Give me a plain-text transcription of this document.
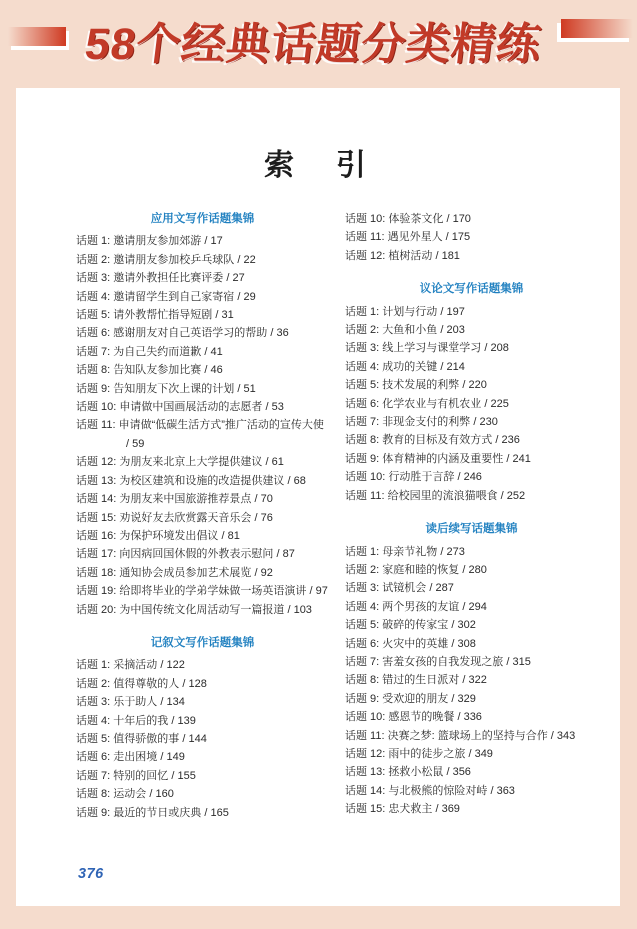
58个经典话题分类精练
索　引
应用文写作话题集锦
话题 1: 邀请朋友参加郊游 / 17
话题 2: 邀请朋友参加校乒乓球队 / 22
话题 3: 邀请外教担任比赛评委 / 27
话题 4: 邀请留学生到自己家寄宿 / 29
话题 5: 请外教帮忙指导短剧 / 31
话题 6: 感谢朋友对自己英语学习的帮助 / 36
话题 7: 为自己失约而道歉 / 41
话题 8: 告知队友参加比赛 / 46
话题 9: 告知朋友下次上课的计划 / 51
话题 10: 申请做中国画展活动的志愿者 / 53
话题 11: 申请做“低碳生活方式”推广活动的宣传大使 / 59
话题 12: 为朋友来北京上大学提供建议 / 61
话题 13: 为校区建筑和设施的改造提供建议 / 68
话题 14: 为朋友来中国旅游推荐景点 / 70
话题 15: 劝说好友去欣赏露天音乐会 / 76
话题 16: 为保护环境发出倡议 / 81
话题 17: 向因病回国休假的外教表示慰问 / 87
话题 18: 通知协会成员参加艺术展览 / 92
话题 19: 给即将毕业的学弟学妹做一场英语演讲 / 97
话题 20: 为中国传统文化周活动写一篇报道 / 103
记叙文写作话题集锦
话题 1: 采摘活动 / 122
话题 2: 值得尊敬的人 / 128
话题 3: 乐于助人 / 134
话题 4: 十年后的我 / 139
话题 5: 值得骄傲的事 / 144
话题 6: 走出困境 / 149
话题 7: 特别的回忆 / 155
话题 8: 运动会 / 160
话题 9: 最近的节日或庆典 / 165
话题 10: 体验茶文化 / 170
话题 11: 遇见外星人 / 175
话题 12: 植树活动 / 181
议论文写作话题集锦
话题 1: 计划与行动 / 197
话题 2: 大鱼和小鱼 / 203
话题 3: 线上学习与课堂学习 / 208
话题 4: 成功的关键 / 214
话题 5: 技术发展的利弊 / 220
话题 6: 化学农业与有机农业 / 225
话题 7: 非现金支付的利弊 / 230
话题 8: 教育的目标及有效方式 / 236
话题 9: 体育精神的内涵及重要性 / 241
话题 10: 行动胜于言辞 / 246
话题 11: 给校园里的流浪猫喂食 / 252
读后续写话题集锦
话题 1: 母亲节礼物 / 273
话题 2: 家庭和睦的恢复 / 280
话题 3: 试镜机会 / 287
话题 4: 两个男孩的友谊 / 294
话题 5: 破碎的传家宝 / 302
话题 6: 火灾中的英雄 / 308
话题 7: 害羞女孩的自我发现之旅 / 315
话题 8: 错过的生日派对 / 322
话题 9: 受欢迎的朋友 / 329
话题 10: 感恩节的晚餐 / 336
话题 11: 决赛之梦: 篮球场上的坚持与合作 / 343
话题 12: 雨中的徒步之旅 / 349
话题 13: 拯救小松鼠 / 356
话题 14: 与北极熊的惊险对峙 / 363
话题 15: 忠犬救主 / 369
376
